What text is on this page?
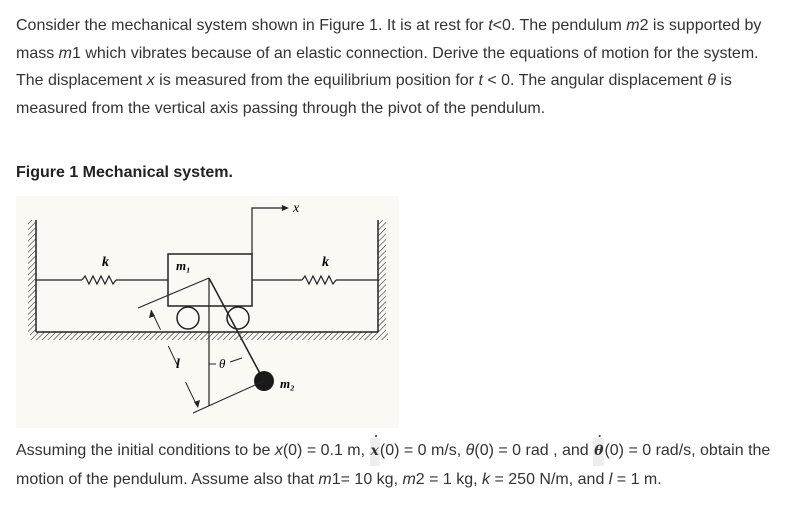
Consider the mechanical system shown in Figure 1. It is at rest for t<0. The pendulum m2 is supported by mass m1 which vibrates because of an elastic connection. Derive the equations of motion for the system. The displacement x is measured from the equilibrium position for t < 0. The angular displacement θ is measured from the vertical axis passing through the pivot of the pendulum.

Figure 1 Mechanical system.
x
k	k
m₁
m₂
θ
l

Assuming the initial conditions to be x(0) = 0.1 m, ˙ x(0) = 0 m/s, θ(0) = 0 rad , and ˙ θ(0) = 0 rad/s, obtain the motion of the pendulum. Assume also that m1= 10 kg, m2 = 1 kg, k = 250 N/m, and l = 1 m.
